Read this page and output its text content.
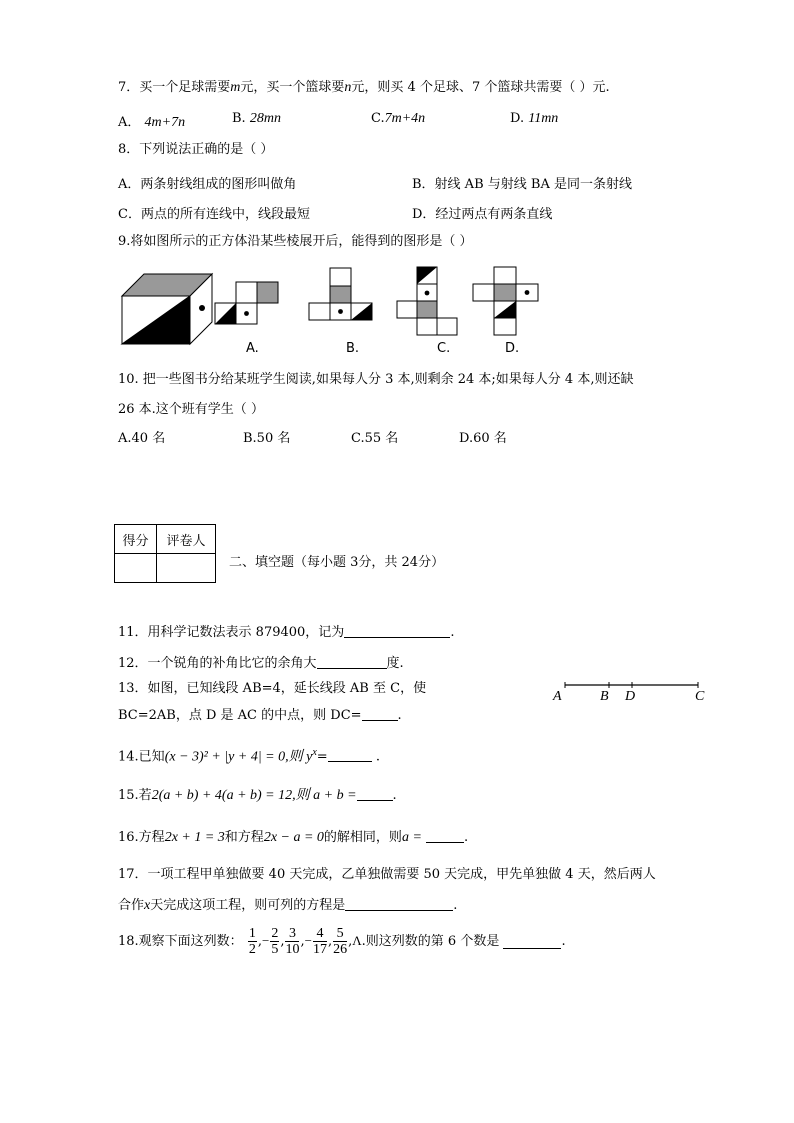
7．买一个足球需要m元，买一个篮球要n元，则买 4 个足球、7 个篮球共需要（ ）元.
A． 4m+7n	B. 28mn	C.7m+4n	D. 11mn
8．下列说法正确的是（ ）
A．两条射线组成的图形叫做角	B．射线 AB 与射线 BA 是同一条射线
C．两点的所有连线中，线段最短	D．经过两点有两条直线
9.将如图所示的正方体沿某些棱展开后，能得到的图形是（ ）
A.	B.	C.	D.
10. 把一些图书分给某班学生阅读,如果每人分 3 本,则剩余 24 本;如果每人分 4 本,则还缺
26 本.这个班有学生（ ）
A.40 名	B.50 名	C.55 名	D.60 名
得分	评卷人

二、填空题（每小题 3分，共 24分）
11．用科学记数法表示 879400，记为	.
12．一个锐角的补角比它的余角大	度.
13．如图，已知线段 AB=4，延长线段 AB 至 C，使
BC=2AB，点 D 是 AC 的中点，则 DC=	.
A	B D	C
14.已知(x − 3)² + |y + 4| = 0,则 $y^x=$	.
15.若2(a + b) + 4(a + b) = 12,则 a + b =	.
16.方程2x + 1 = 3和方程2x − a = 0的解相同，则a =	.
17．一项工程甲单独做要 40 天完成，乙单独做需要 50 天完成，甲先单独做 4 天，然后两人
合作x天完成这项工程，则可列的方程是	.
18.观察下面这列数： $\frac{1}{2}$ ,− $\frac{2}{5}$ , $\frac{3}{10}$ ,− $\frac{4}{17}$ , $\frac{5}{26} ,\Lambda$.则这列数的第 6 个数是	.
